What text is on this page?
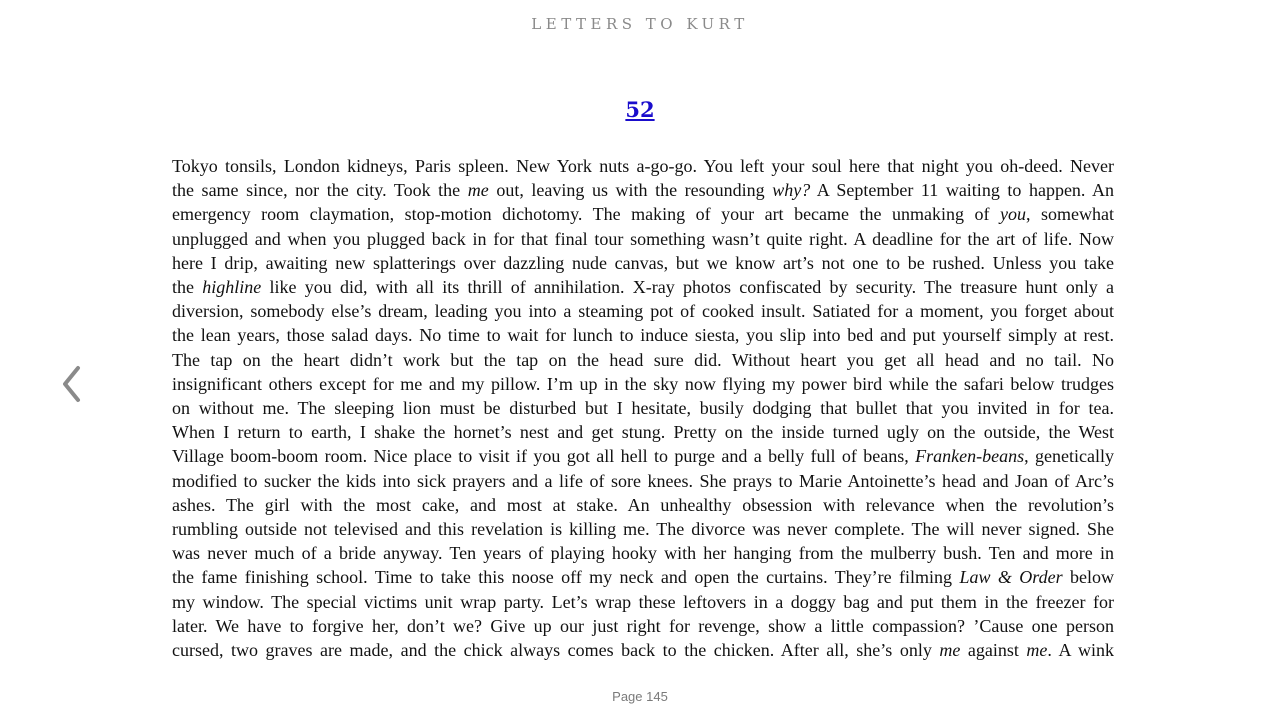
LETTERS TO KURT
52
Tokyo tonsils, London kidneys, Paris spleen. New York nuts a-go-go. You left your soul here that night you oh-deed. Never
the same since, nor the city. Took the me out, leaving us with the resounding why? A September 11 waiting to happen. An
emergency room claymation, stop-motion dichotomy. The making of your art became the unmaking of you, somewhat
unplugged and when you plugged back in for that final tour something wasn’t quite right. A deadline for the art of life. Now
here I drip, awaiting new splatterings over dazzling nude canvas, but we know art’s not one to be rushed. Unless you take
the highline like you did, with all its thrill of annihilation. X-ray photos confiscated by security. The treasure hunt only a
diversion, somebody else’s dream, leading you into a steaming pot of cooked insult. Satiated for a moment, you forget about
the lean years, those salad days. No time to wait for lunch to induce siesta, you slip into bed and put yourself simply at rest.
The tap on the heart didn’t work but the tap on the head sure did. Without heart you get all head and no tail. No
insignificant others except for me and my pillow. I’m up in the sky now flying my power bird while the safari below trudges
on without me. The sleeping lion must be disturbed but I hesitate, busily dodging that bullet that you invited in for tea.
When I return to earth, I shake the hornet’s nest and get stung. Pretty on the inside turned ugly on the outside, the West
Village boom-boom room. Nice place to visit if you got all hell to purge and a belly full of beans, Franken-beans, genetically
modified to sucker the kids into sick prayers and a life of sore knees. She prays to Marie Antoinette’s head and Joan of Arc’s
ashes. The girl with the most cake, and most at stake. An unhealthy obsession with relevance when the revolution’s
rumbling outside not televised and this revelation is killing me. The divorce was never complete. The will never signed. She
was never much of a bride anyway. Ten years of playing hooky with her hanging from the mulberry bush. Ten and more in
the fame finishing school. Time to take this noose off my neck and open the curtains. They’re filming Law & Order below
my window. The special victims unit wrap party. Let’s wrap these leftovers in a doggy bag and put them in the freezer for
later. We have to forgive her, don’t we? Give up our just right for revenge, show a little compassion? ’Cause one person
cursed, two graves are made, and the chick always comes back to the chicken. After all, she’s only me against me. A wink
Page 145
